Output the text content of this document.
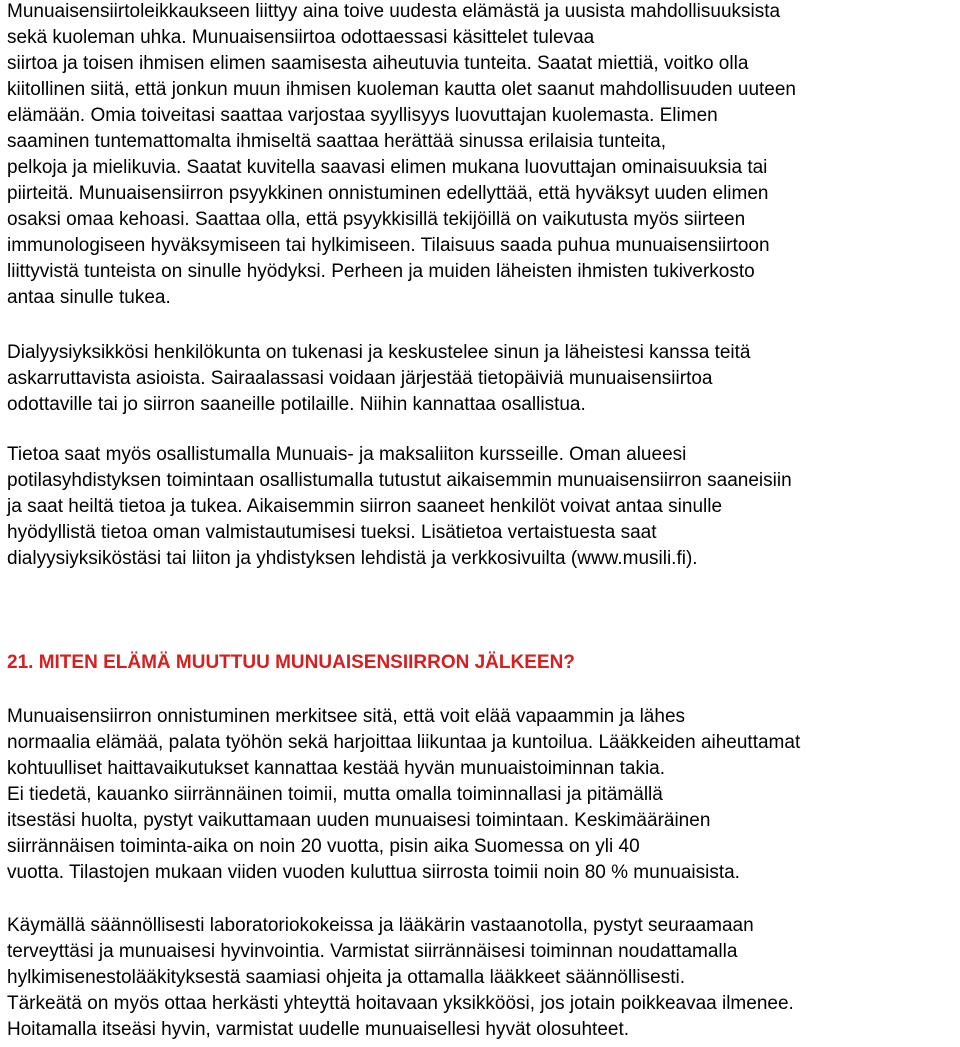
Munuaisensiirtoleikkaukseen liittyy aina toive uudesta elämästä ja uusista mahdollisuuksista
sekä kuoleman uhka. Munuaisensiirtoa odottaessasi käsittelet tulevaa
siirtoa ja toisen ihmisen elimen saamisesta aiheutuvia tunteita. Saatat miettiä, voitko olla
kiitollinen siitä, että jonkun muun ihmisen kuoleman kautta olet saanut mahdollisuuden uuteen
elämään. Omia toiveitasi saattaa varjostaa syyllisyys luovuttajan kuolemasta. Elimen
saaminen tuntemattomalta ihmiseltä saattaa herättää sinussa erilaisia tunteita,
pelkoja ja mielikuvia. Saatat kuvitella saavasi elimen mukana luovuttajan ominaisuuksia tai
piirteitä. Munuaisensiirron psyykkinen onnistuminen edellyttää, että hyväksyt uuden elimen
osaksi omaa kehoasi. Saattaa olla, että psyykkisillä tekijöillä on vaikutusta myös siirteen
immunologiseen hyväksymiseen tai hylkimiseen. Tilaisuus saada puhua munuaisensiirtoon
liittyvistä tunteista on sinulle hyödyksi. Perheen ja muiden läheisten ihmisten tukiverkosto
antaa sinulle tukea.
Dialyysiyksikkösi henkilökunta on tukenasi ja keskustelee sinun ja läheistesi kanssa teitä
askarruttavista asioista. Sairaalassasi voidaan järjestää tietopäiviä munuaisensiirtoa
odottaville tai jo siirron saaneille potilaille. Niihin kannattaa osallistua.
Tietoa saat myös osallistumalla Munuais- ja maksaliiton kursseille. Oman alueesi
potilasyhdistyksen toimintaan osallistumalla tutustut aikaisemmin munuaisensiirron saaneisiin
ja saat heiltä tietoa ja tukea. Aikaisemmin siirron saaneet henkilöt voivat antaa sinulle
hyödyllistä tietoa oman valmistautumisesi tueksi. Lisätietoa vertaistuesta saat
dialyysiyksiköstäsi tai liiton ja yhdistyksen lehdistä ja verkkosivuilta (www.musili.fi).
21. MITEN ELÄMÄ MUUTTUU MUNUAISENSIIRRON JÄLKEEN?
Munuaisensiirron onnistuminen merkitsee sitä, että voit elää vapaammin ja lähes
normaalia elämää, palata työhön sekä harjoittaa liikuntaa ja kuntoilua. Lääkkeiden aiheuttamat
kohtuulliset haittavaikutukset kannattaa kestää hyvän munuaistoiminnan takia.
Ei tiedetä, kauanko siirrännäinen toimii, mutta omalla toiminnallasi ja pitämällä
itsestäsi huolta, pystyt vaikuttamaan uuden munuaisesi toimintaan. Keskimääräinen
siirrännäisen toiminta-aika on noin 20 vuotta, pisin aika Suomessa on yli 40
vuotta. Tilastojen mukaan viiden vuoden kuluttua siirrosta toimii noin 80 % munuaisista.
Käymällä säännöllisesti laboratoriokokeissa ja lääkärin vastaanotolla, pystyt seuraamaan
terveyttäsi ja munuaisesi hyvinvointia. Varmistat siirrännäisesi toiminnan noudattamalla
hylkimisenestolääkityksestä saamiasi ohjeita ja ottamalla lääkkeet säännöllisesti.
Tärkeätä on myös ottaa herkästi yhteyttä hoitavaan yksikköösi, jos jotain poikkeavaa ilmenee.
Hoitamalla itseäsi hyvin, varmistat uudelle munuaisellesi hyvät olosuhteet.
